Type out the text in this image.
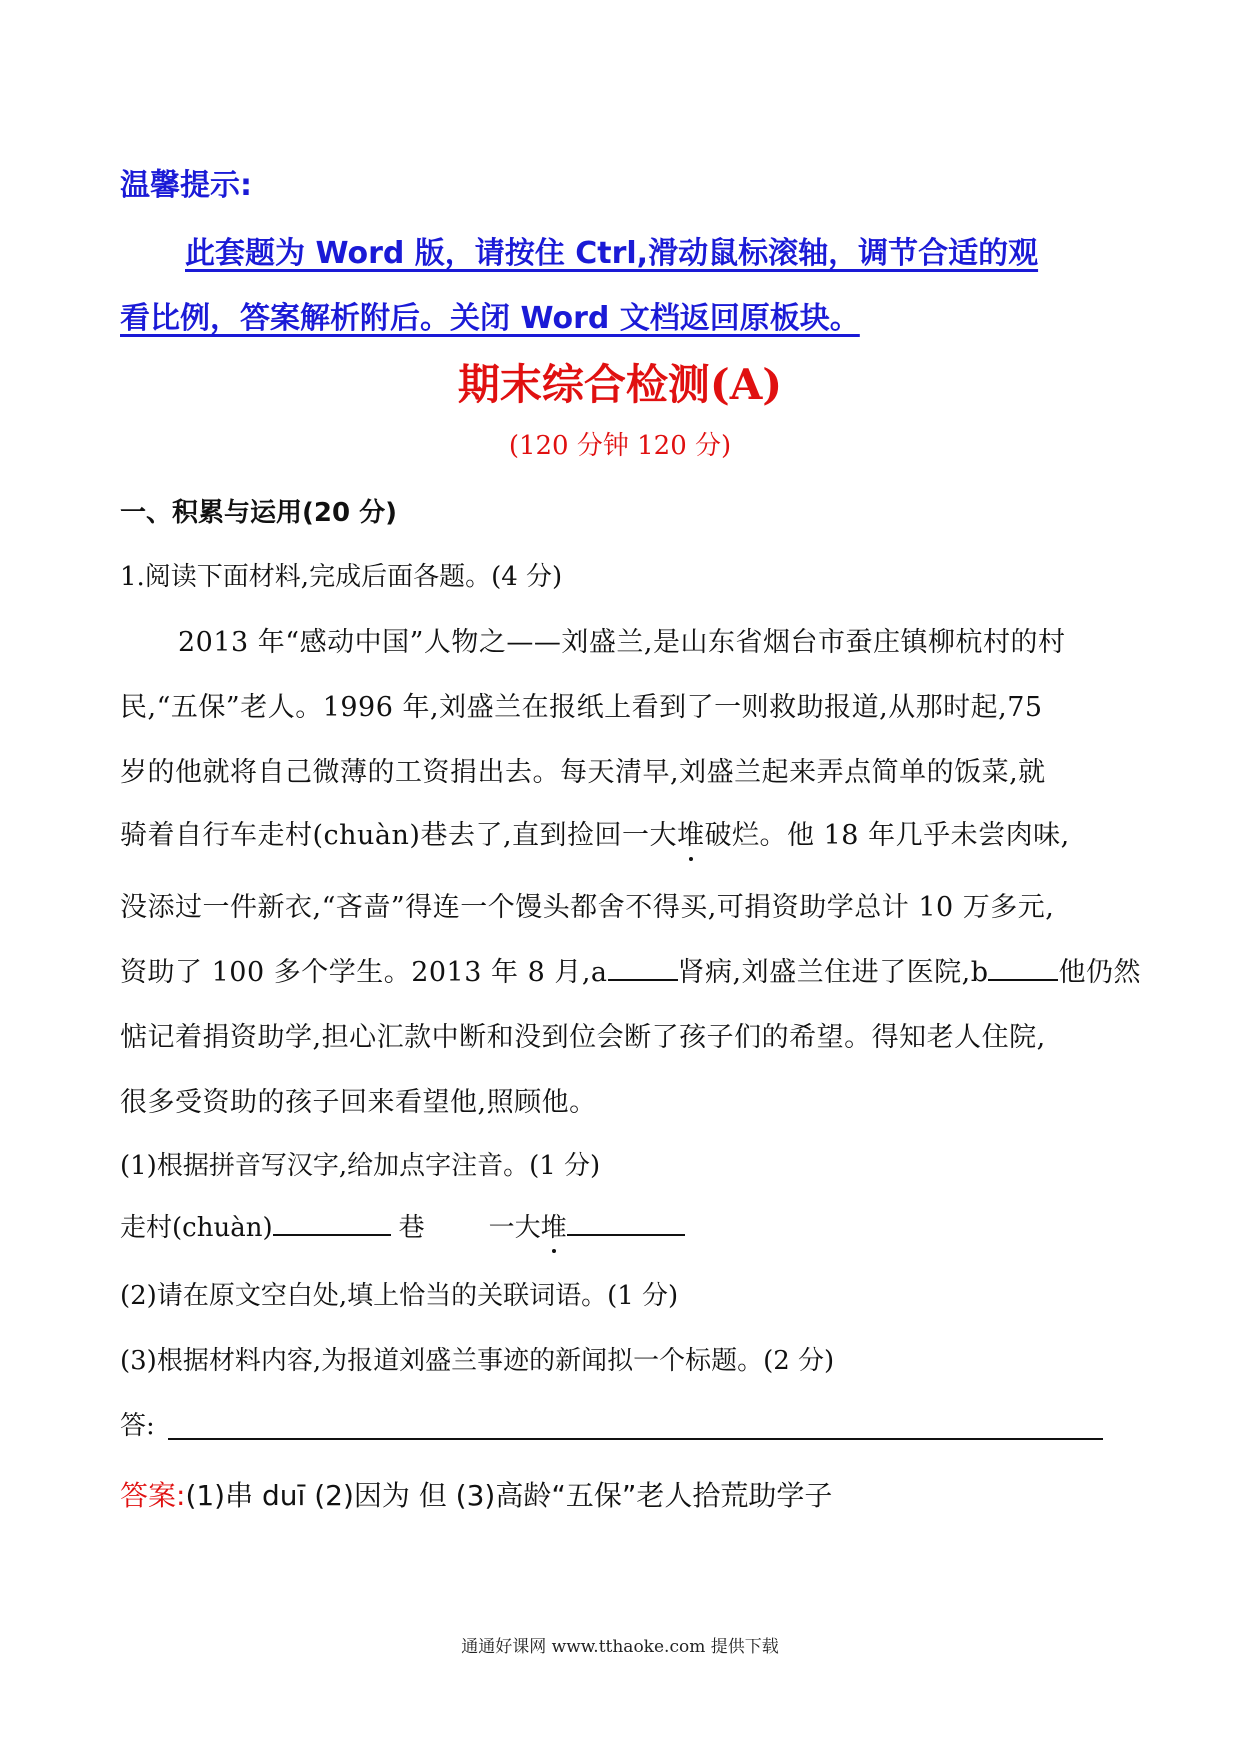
温馨提示:
此套题为 Word 版，请按住 Ctrl,滑动鼠标滚轴，调节合适的观
看比例，答案解析附后。关闭 Word 文档返回原板块。
期末综合检测(A)
(120 分钟 120 分)
一、积累与运用(20 分)
1.阅读下面材料,完成后面各题。(4 分)
2013 年“感动中国”人物之——刘盛兰,是山东省烟台市蚕庄镇柳杭村的村
民,“五保”老人。1996 年,刘盛兰在报纸上看到了一则救助报道,从那时起,75
岁的他就将自己微薄的工资捐出去。每天清早,刘盛兰起来弄点简单的饭菜,就
骑着自行车走村(chuàn)巷去了,直到捡回一大堆破烂。他 18 年几乎未尝肉味,
没添过一件新衣,“吝啬”得连一个馒头都舍不得买,可捐资助学总计 10 万多元,
资助了 100 多个学生。2013 年 8 月,a	肾病,刘盛兰住进了医院,b	他仍然
惦记着捐资助学,担心汇款中断和没到位会断了孩子们的希望。得知老人住院,
很多受资助的孩子回来看望他,照顾他。
(1)根据拼音写汉字,给加点字注音。(1 分)
走村(chuàn)	巷 一大堆
(2)请在原文空白处,填上恰当的关联词语。(1 分)
(3)根据材料内容,为报道刘盛兰事迹的新闻拟一个标题。(2 分)
答:
答案:(1)串 duī (2)因为 但 (3)高龄“五保”老人拾荒助学子
通通好课网 www.tthaoke.com 提供下载
